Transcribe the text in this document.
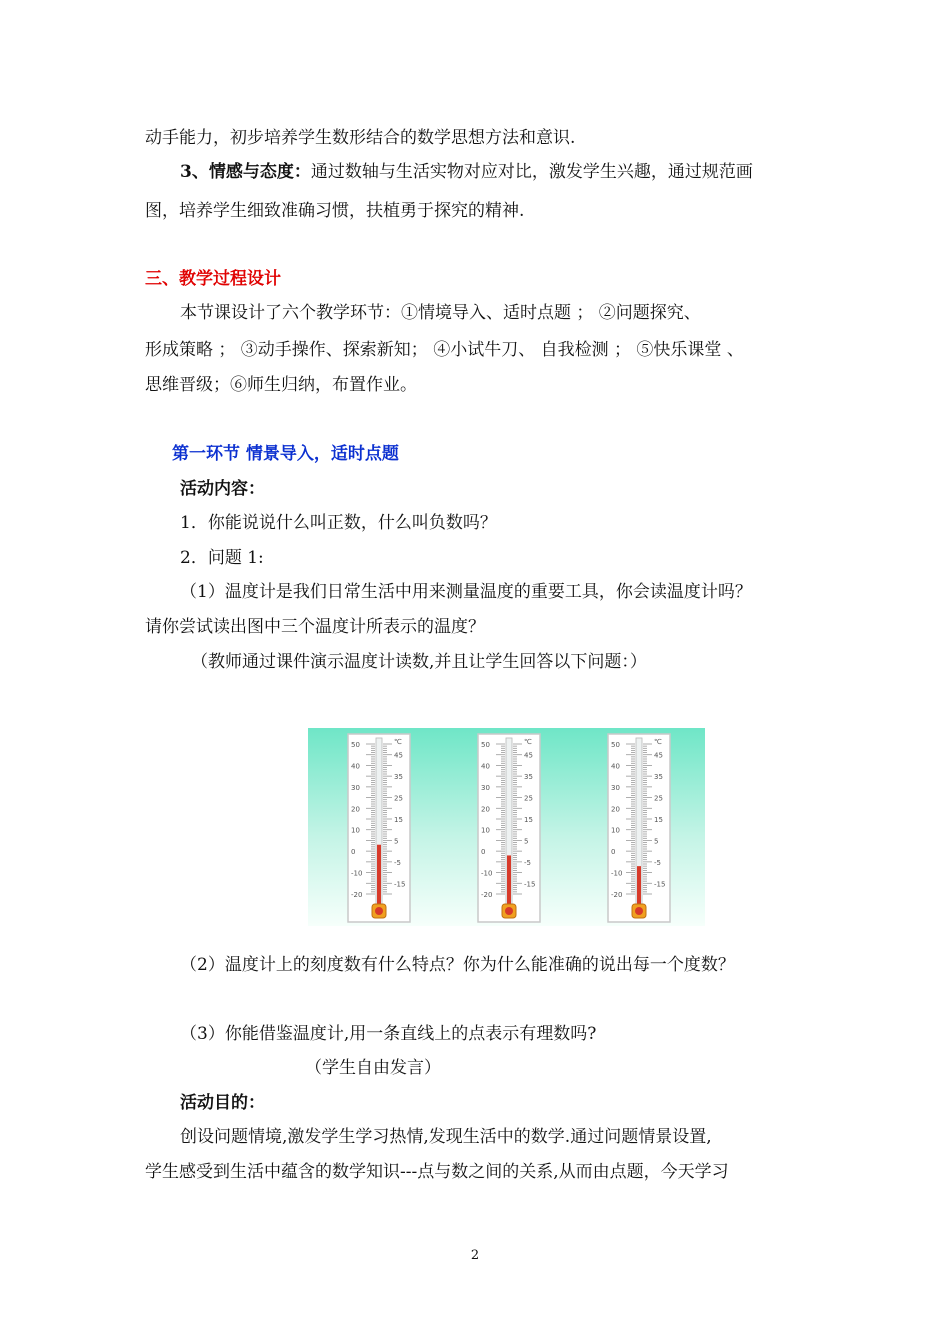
动手能力，初步培养学生数形结合的数学思想方法和意识.
3、情感与态度：通过数轴与生活实物对应对比，激发学生兴趣，通过规范画
图，培养学生细致准确习惯，扶植勇于探究的精神.
三、教学过程设计
本节课设计了六个教学环节：①情境导入、适时点题 ； ②问题探究、
形成策略 ； ③动手操作、探索新知； ④小试牛刀、 自我检测 ； ⑤快乐课堂 、
思维晋级；⑥师生归纳，布置作业。
第一环节 情景导入，适时点题
活动内容：
1．你能说说什么叫正数，什么叫负数吗？
2．问题 1:
（1）温度计是我们日常生活中用来测量温度的重要工具，你会读温度计吗？
请你尝试读出图中三个温度计所表示的温度？
（教师通过课件演示温度计读数,并且让学生回答以下问题：）
50
40
30
20
10
0
-10
-20
45
35
25
15
5
-5
-15
℃	50
40
30
20
10
0
-10
-20
45
35
25
15
5
-5
-15
℃	50
40
30
20
10
0
-10
-20
45
35
25
15
5
-5
-15
℃
（2）温度计上的刻度数有什么特点？你为什么能准确的说出每一个度数？
（3）你能借鉴温度计,用一条直线上的点表示有理数吗?
（学生自由发言）
活动目的：
创设问题情境,激发学生学习热情,发现生活中的数学.通过问题情景设置,
学生感受到生活中蕴含的数学知识---点与数之间的关系,从而由点题，今天学习
2
